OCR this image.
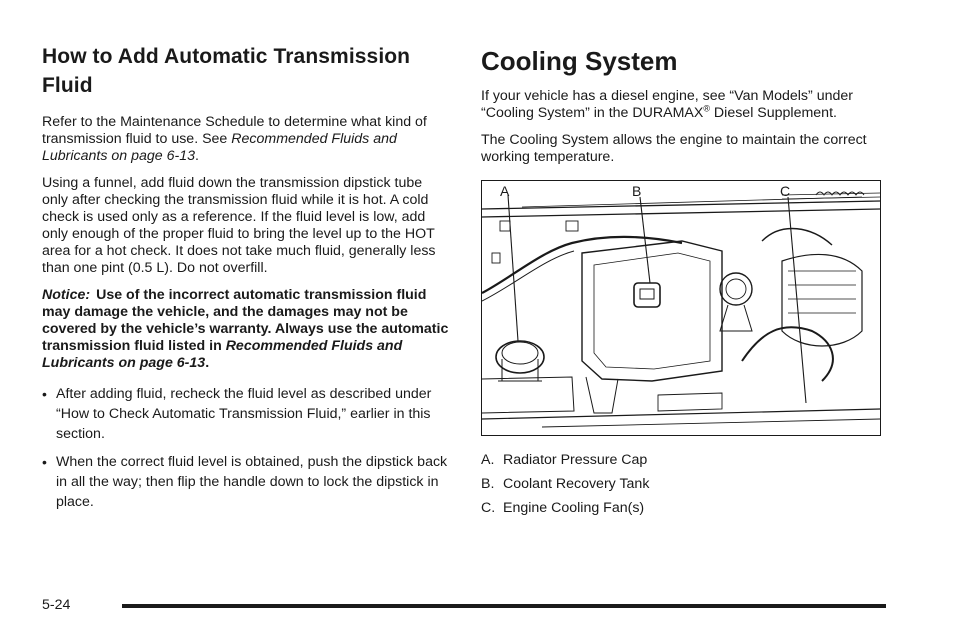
How to Add Automatic Transmission Fluid

Refer to the Maintenance Schedule to determine what kind of transmission fluid to use. See Recommended Fluids and Lubricants on page 6-13.

Using a funnel, add fluid down the transmission dipstick tube only after checking the transmission fluid while it is hot. A cold check is used only as a reference. If the fluid level is low, add only enough of the proper fluid to bring the level up to the HOT area for a hot check. It does not take much fluid, generally less than one pint (0.5 L). Do not overfill.

Notice: Use of the incorrect automatic transmission fluid may damage the vehicle, and the damages may not be covered by the vehicle’s warranty. Always use the automatic transmission fluid listed in Recommended Fluids and Lubricants on page 6-13.

• After adding fluid, recheck the fluid level as described under “How to Check Automatic Transmission Fluid,” earlier in this section.
• When the correct fluid level is obtained, push the dipstick back in all the way; then flip the handle down to lock the dipstick in place.
Cooling System

If your vehicle has a diesel engine, see “Van Models” under “Cooling System” in the DURAMAX® Diesel Supplement.

The Cooling System allows the engine to maintain the correct working temperature.

A	B	C
A. Radiator Pressure Cap
B. Coolant Recovery Tank
C. Engine Cooling Fan(s)
5-24
